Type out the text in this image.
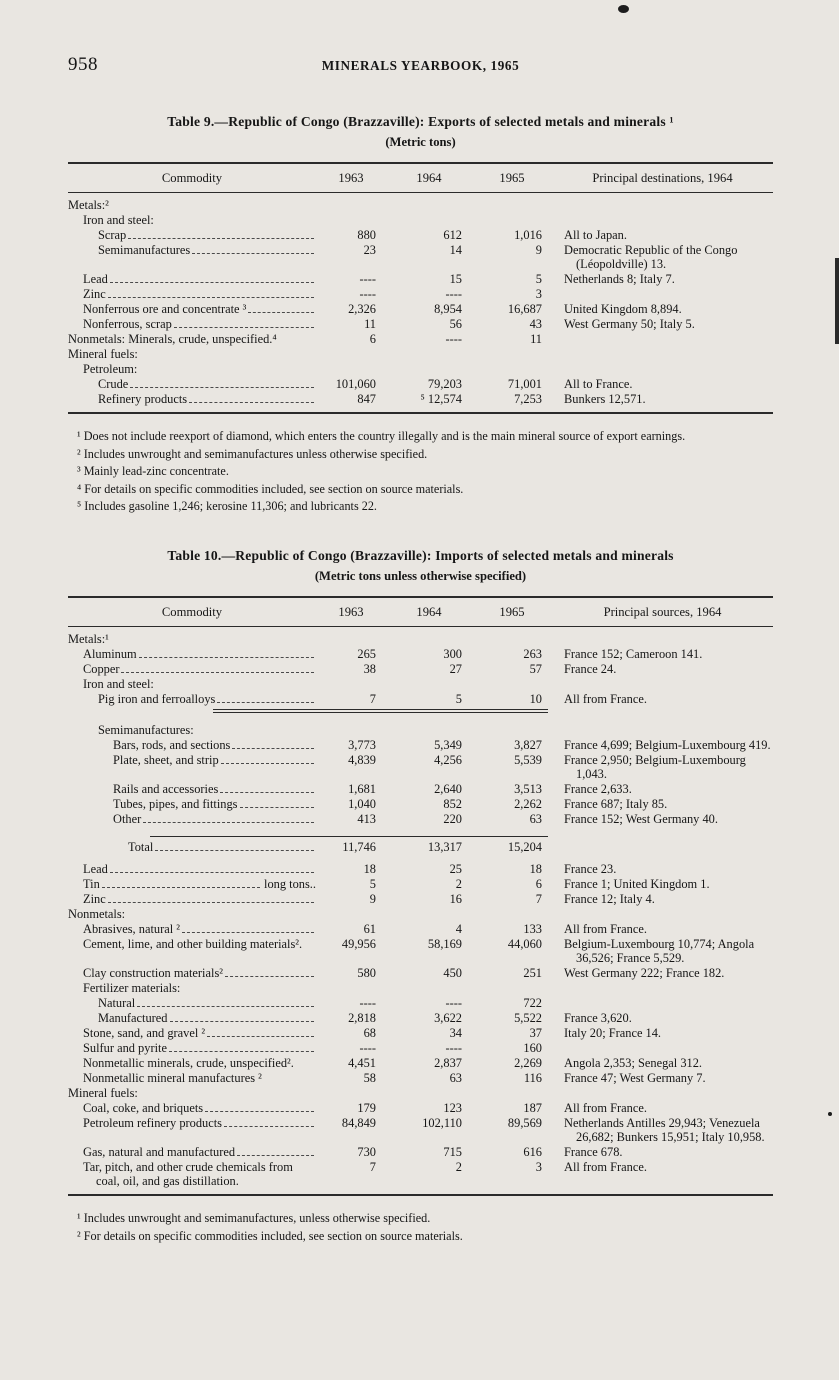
958	MINERALS YEARBOOK, 1965
Table 9.—Republic of Congo (Brazzaville): Exports of selected metals and minerals ¹
(Metric tons)
Commodity	1963	1964	1965	Principal destinations, 1964

Metals:²				

Iron and steel:				

Scrap	880	612	1,016	All to Japan.

Semimanufactures	23	14	9	Democratic Republic of the Congo (Léopoldville) 13.

Lead	----	15	5	Netherlands 8; Italy 7.

Zinc	----	----	3	

Nonferrous ore and concentrate ³	2,326	8,954	16,687	United Kingdom 8,894.

Nonferrous, scrap	11	56	43	West Germany 50; Italy 5.

Nonmetals: Minerals, crude, unspecified.⁴	6	----	11	

Mineral fuels:				

Petroleum:				

Crude	101,060	79,203	71,001	All to France.

Refinery products	847	⁵ 12,574	7,253	Bunkers 12,571.

¹ Does not include reexport of diamond, which enters the country illegally and is the main mineral source of export earnings.

² Includes unwrought and semimanufactures unless otherwise specified.

³ Mainly lead-zinc concentrate.

⁴ For details on specific commodities included, see section on source materials.

⁵ Includes gasoline 1,246; kerosine 11,306; and lubricants 22.

Table 10.—Republic of Congo (Brazzaville): Imports of selected metals and minerals
(Metric tons unless otherwise specified)
Commodity	1963	1964	1965	Principal sources, 1964

Metals:¹				

Aluminum	265	300	263	France 152; Cameroon 141.

Copper	38	27	57	France 24.

Iron and steel:				

Pig iron and ferroalloys	7	5	10	All from France.

Semimanufactures:				

Bars, rods, and sections	3,773	5,349	3,827	France 4,699; Belgium-Luxembourg 419.

Plate, sheet, and strip	4,839	4,256	5,539	France 2,950; Belgium-Luxembourg 1,043.

Rails and accessories	1,681	2,640	3,513	France 2,633.

Tubes, pipes, and fittings	1,040	852	2,262	France 687; Italy 85.

Other	413	220	63	France 152; West Germany 40.

Total	11,746	13,317	15,204	

Lead	18	25	18	France 23.

Tin long tons..	5	2	6	France 1; United Kingdom 1.

Zinc	9	16	7	France 12; Italy 4.

Nonmetals:				

Abrasives, natural ²	61	4	133	All from France.

Cement, lime, and other building materials².	49,956	58,169	44,060	Belgium-Luxembourg 10,774; Angola 36,526; France 5,529.

Clay construction materials²	580	450	251	West Germany 222; France 182.

Fertilizer materials:				

Natural	----	----	722	

Manufactured	2,818	3,622	5,522	France 3,620.

Stone, sand, and gravel ²	68	34	37	Italy 20; France 14.

Sulfur and pyrite	----	----	160	

Nonmetallic minerals, crude, unspecified².	4,451	2,837	2,269	Angola 2,353; Senegal 312.

Nonmetallic mineral manufactures ²	58	63	116	France 47; West Germany 7.

Mineral fuels:				

Coal, coke, and briquets	179	123	187	All from France.

Petroleum refinery products	84,849	102,110	89,569	Netherlands Antilles 29,943; Venezuela 26,682; Bunkers 15,951; Italy 10,958.

Gas, natural and manufactured	730	715	616	France 678.

Tar, pitch, and other crude chemicals from coal, oil, and gas distillation.	7	2	3	All from France.

¹ Includes unwrought and semimanufactures, unless otherwise specified.

² For details on specific commodities included, see section on source materials.
